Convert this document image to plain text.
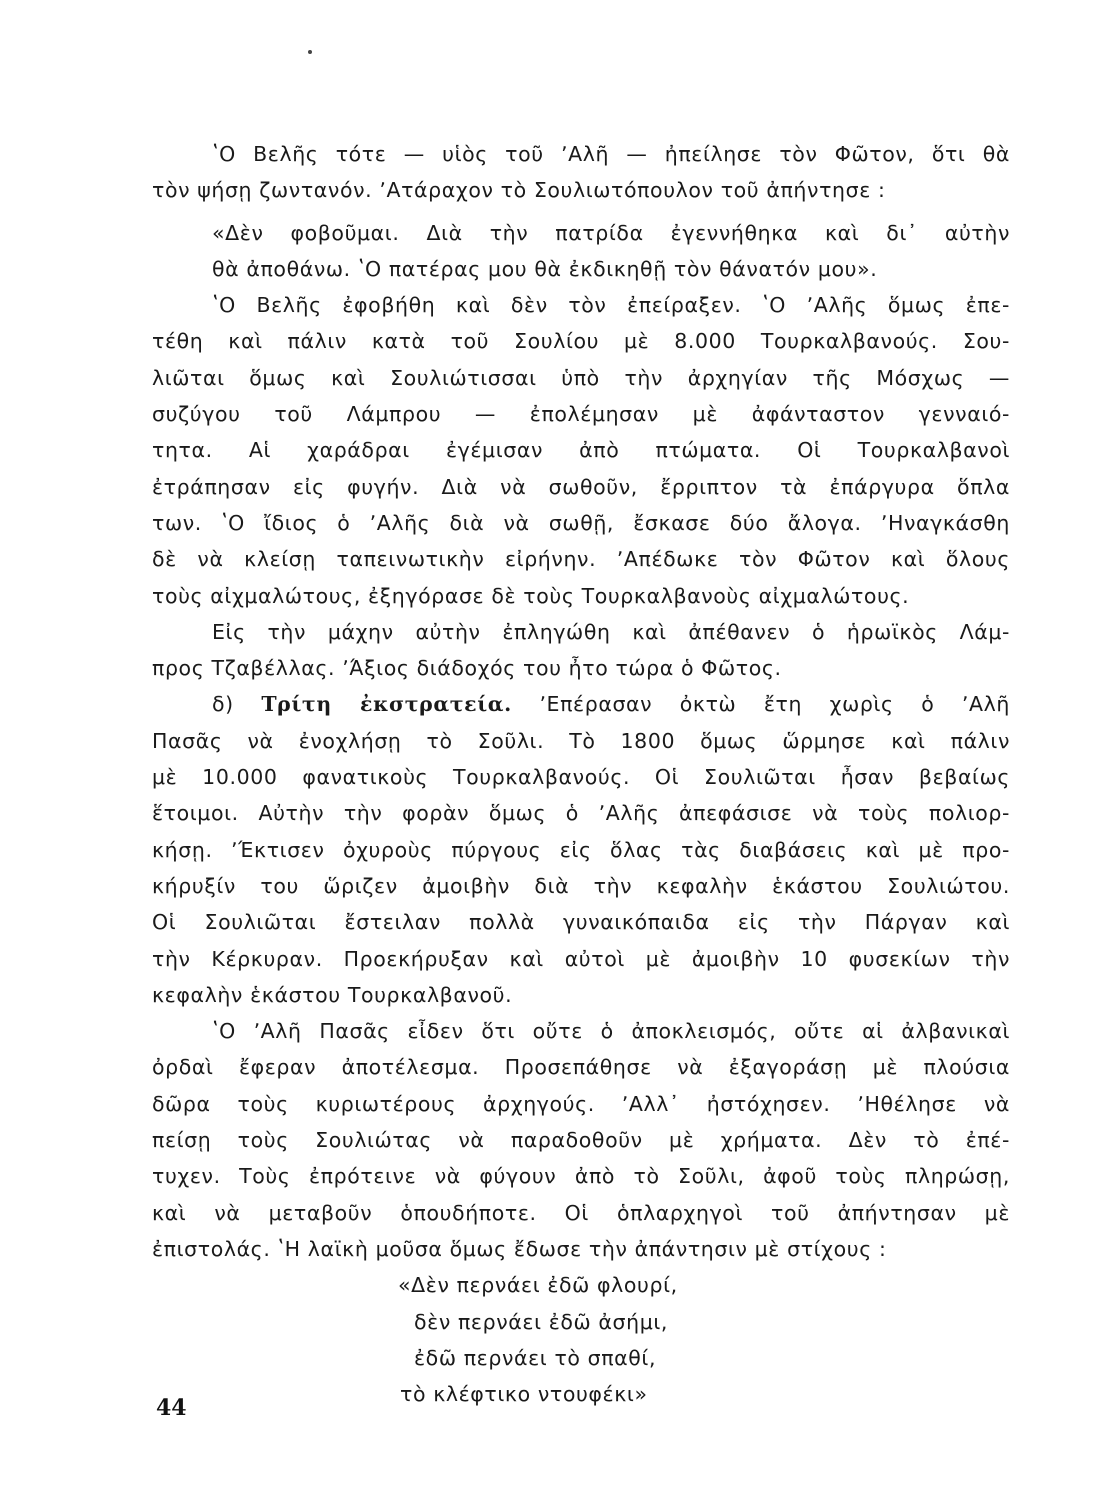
ʽΟ Βελῆς τότε — υἱὸς τοῦ ʼΑλῆ — ἠπείλησε τὸν Φῶτον, ὅτι θὰ
τὸν ψήσῃ ζωντανόν. ʼΑτάραχον τὸ Σουλιωτόπουλον τοῦ ἀπήντησε :
«Δὲν φοβοῦμαι. Διὰ τὴν πατρίδα ἐγεννήθηκα καὶ δι᾽ αὐτὴν
θὰ ἀποθάνω. ʽΟ πατέρας μου θὰ ἐκδικηθῇ τὸν θάνατόν μου».
ʽΟ Βελῆς ἐφοβήθη καὶ δὲν τὸν ἐπείραξεν. ʽΟ ʼΑλῆς ὅμως ἐπε-
τέθη καὶ πάλιν κατὰ τοῦ Σουλίου μὲ 8.000 Τουρκαλβανούς. Σου-
λιῶται ὅμως καὶ Σουλιώτισσαι ὑπὸ τὴν ἀρχηγίαν τῆς Μόσχως —
συζύγου τοῦ Λάμπρου — ἐπολέμησαν μὲ ἀφάνταστον γενναιό-
τητα. Αἱ χαράδραι ἐγέμισαν ἀπὸ πτώματα. Οἱ Τουρκαλβανοὶ
ἐτράπησαν εἰς φυγήν. Διὰ νὰ σωθοῦν, ἔρριπτον τὰ ἐπάργυρα ὅπλα
των. ʽΟ ἴδιος ὁ ʼΑλῆς διὰ νὰ σωθῇ, ἔσκασε δύο ἄλογα. ʼΗναγκάσθη
δὲ νὰ κλείσῃ ταπεινωτικὴν εἰρήνην. ʼΑπέδωκε τὸν Φῶτον καὶ ὅλους
τοὺς αἰχμαλώτους, ἐξηγόρασε δὲ τοὺς Τουρκαλβανοὺς αἰχμαλώτους.
Εἰς τὴν μάχην αὐτὴν ἐπληγώθη καὶ ἀπέθανεν ὁ ἡρωϊκὸς Λάμ-
προς Τζαβέλλας. ʼΆξιος διάδοχός του ἦτο τώρα ὁ Φῶτος.
δ) Τρίτη ἐκστρατεία. ʼΕπέρασαν ὀκτὼ ἔτη χωρὶς ὁ ʼΑλῆ
Πασᾶς νὰ ἐνοχλήσῃ τὸ Σοῦλι. Τὸ 1800 ὅμως ὥρμησε καὶ πάλιν
μὲ 10.000 φανατικοὺς Τουρκαλβανούς. Οἱ Σουλιῶται ἦσαν βεβαίως
ἕτοιμοι. Αὐτὴν τὴν φορὰν ὅμως ὁ ʼΑλῆς ἀπεφάσισε νὰ τοὺς πολιορ-
κήσῃ. ʼΈκτισεν ὀχυροὺς πύργους εἰς ὅλας τὰς διαβάσεις καὶ μὲ προ-
κήρυξίν του ὥριζεν ἀμοιβὴν διὰ τὴν κεφαλὴν ἑκάστου Σουλιώτου.
Οἱ Σουλιῶται ἔστειλαν πολλὰ γυναικόπαιδα εἰς τὴν Πάργαν καὶ
τὴν Κέρκυραν. Προεκήρυξαν καὶ αὐτοὶ μὲ ἀμοιβὴν 10 φυσεκίων τὴν
κεφαλὴν ἑκάστου Τουρκαλβανοῦ.
ʽΟ ʼΑλῆ Πασᾶς εἶδεν ὅτι οὔτε ὁ ἀποκλεισμός, οὔτε αἱ ἀλβανικαὶ
ὀρδαὶ ἔφεραν ἀποτέλεσμα. Προσεπάθησε νὰ ἐξαγοράσῃ μὲ πλούσια
δῶρα τοὺς κυριωτέρους ἀρχηγούς. ʼΑλλ᾽ ἠστόχησεν. ʼΗθέλησε νὰ
πείσῃ τοὺς Σουλιώτας νὰ παραδοθοῦν μὲ χρήματα. Δὲν τὸ ἐπέ-
τυχεν. Τοὺς ἐπρότεινε νὰ φύγουν ἀπὸ τὸ Σοῦλι, ἀφοῦ τοὺς πληρώσῃ,
καὶ νὰ μεταβοῦν ὁπουδήποτε. Οἱ ὁπλαρχηγοὶ τοῦ ἀπήντησαν μὲ
ἐπιστολάς. ʽΗ λαϊκὴ μοῦσα ὅμως ἔδωσε τὴν ἀπάντησιν μὲ στίχους :
«Δὲν περνάει ἐδῶ φλουρί,
δὲν περνάει ἐδῶ ἀσήμι,
ἐδῶ περνάει τὸ σπαθί,
τὸ κλέφτικο ντουφέκι»
44
